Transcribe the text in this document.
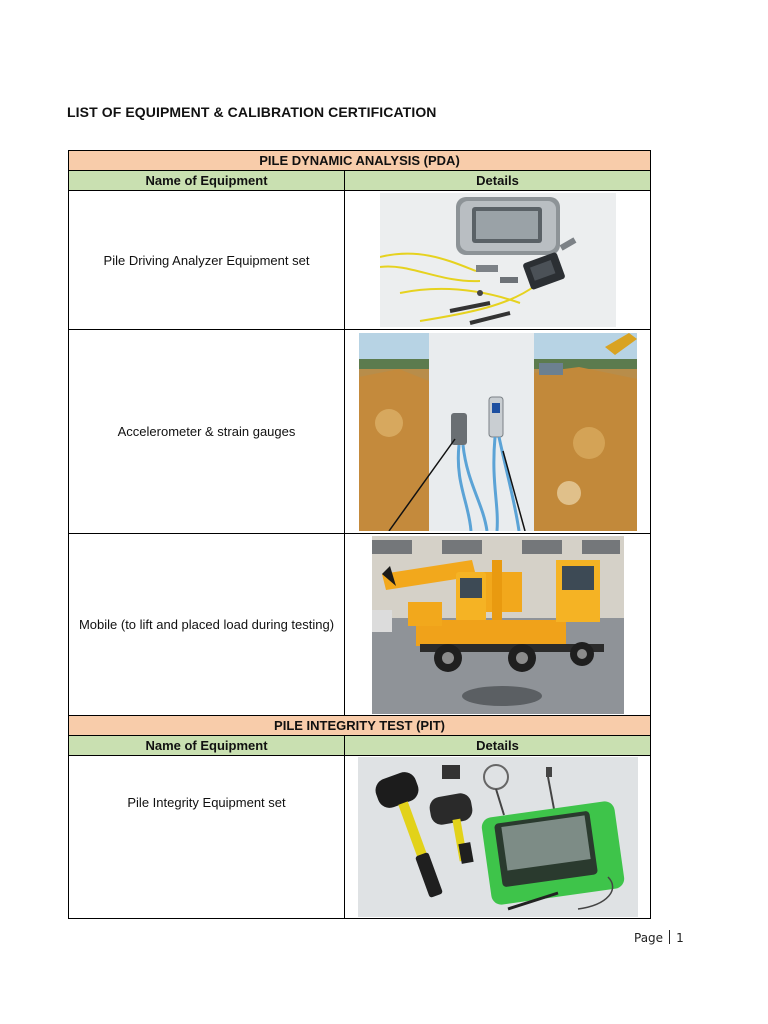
LIST OF EQUIPMENT & CALIBRATION CERTIFICATION
PILE DYNAMIC ANALYSIS (PDA)	
Name of Equipment	Details
Pile Driving Analyzer Equipment set	

Accelerometer & strain gauges	

Mobile (to lift and placed load during testing)	

PILE INTEGRITY TEST (PIT)	
Name of Equipment	Details
Pile Integrity Equipment set	
Page 1
